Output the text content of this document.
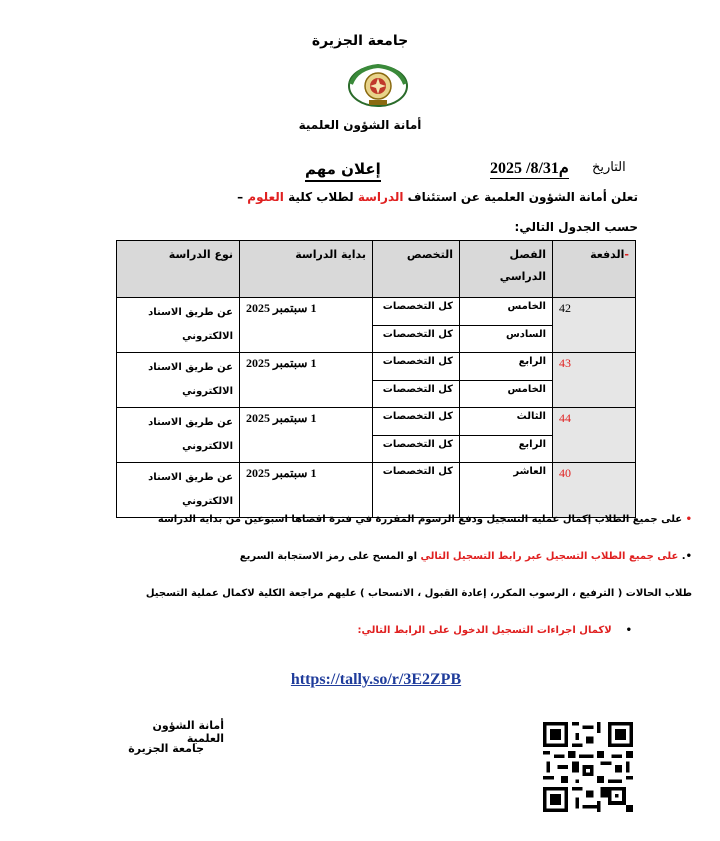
جامعة الجزيرة
أمانة الشؤون العلمية
إعلان مهم	التاريخ
2025 /8/31م
تعلن أمانة الشؤون العلمية عن استئناف الدراسة لطلاب كلية العلوم –
حسب الجدول التالي:
-الدفعة	الفصل الدراسي	التخصص	بداية الدراسة	نوع الدراسة
42	الخامس	كل التخصصات	1 سبتمبر 2025	عن طريق الاسناد الالكتروني
	السادس	كل التخصصات		
43	الرابع	كل التخصصات	1 سبتمبر 2025	عن طريق الاسناد الالكتروني
	الخامس	كل التخصصات		
44	الثالث	كل التخصصات	1 سبتمبر 2025	عن طريق الاسناد الالكتروني
	الرابع	كل التخصصات		
40	العاشر	كل التخصصات	1 سبتمبر 2025	عن طريق الاسناد الالكتروني
• على جميع الطلاب إكمال عملية التسجيل ودفع الرسوم المقررة في فترة اقصاها اسبوعين من بداية الدراسة
•. على جميع الطلاب التسجيل عبر رابط التسجيل التالي او المسح على رمز الاستجابة السريع
طلاب الحالات ( الترفيع ، الرسوب المكرر، إعادة القبول ، الانسحاب ) عليهم مراجعة الكلية لاكمال عملية التسجيل
•    لاكمال اجراءات التسجيل الدخول على الرابط التالي:
https://tally.so/r/3E2ZPB
أمانة الشؤون العلمية
جامعة الجزيرة
